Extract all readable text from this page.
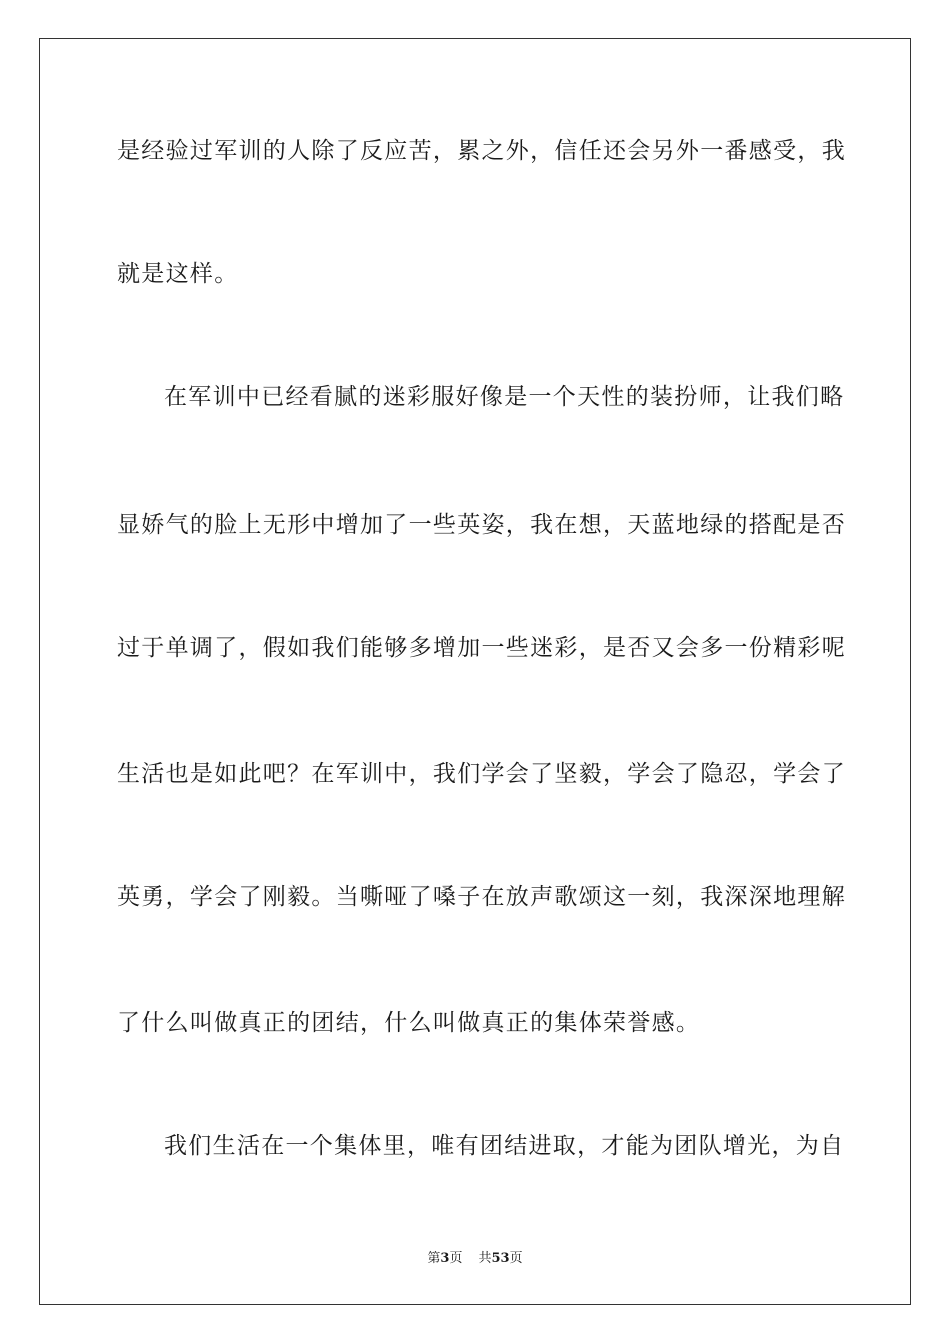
是经验过军训的人除了反应苦，累之外，信任还会另外一番感受，我
就是这样。
在军训中已经看腻的迷彩服好像是一个天性的装扮师，让我们略
显娇气的脸上无形中增加了一些英姿，我在想，天蓝地绿的搭配是否
过于单调了，假如我们能够多增加一些迷彩，是否又会多一份精彩呢
生活也是如此吧？在军训中，我们学会了坚毅，学会了隐忍，学会了
英勇，学会了刚毅。当嘶哑了嗓子在放声歌颂这一刻，我深深地理解
了什么叫做真正的团结，什么叫做真正的集体荣誉感。
我们生活在一个集体里，唯有团结进取，才能为团队增光，为自
第3页 共53页
